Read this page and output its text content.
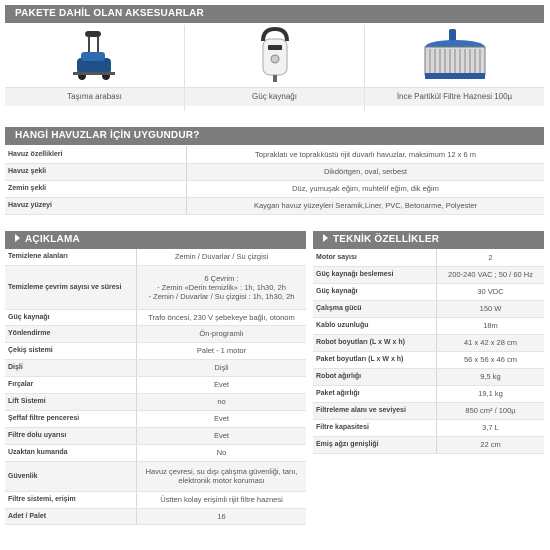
PAKETE DAHİL OLAN AKSESUARLAR
Taşıma arabası	Güç kaynağı	İnce Partikül Filtre Haznesi 100µ
HANGİ HAVUZLAR İÇİN UYGUNDUR?
Havuz özellikleri	Topraklatı ve toprakküstü rijit duvarlı havuzlar, maksimum 12 x 6 m
Havuz şekli	Dikdörtgen, oval, serbest
Zemin şekli	Düz, yumuşak eğim, muhtelif eğim, dik eğim
Havuz yüzeyi	Kaygan havuz yüzeyleri Seramik,Liner, PVC, Betonarme, Polyester
AÇIKLAMA
Temizlene alanları	Zemin / Duvarlar / Su çizgisi

Temizleme çevrim sayısı ve süresi	6 Çevrim :
- Zemin «Derin temizlik» : 1h, 1h30, 2h
- Zemin / Duvarlar / Su çizgisi : 1h, 1h30, 2h

Güç kaynağı	Trafo öncesi, 230 V şebekeye bağlı, otonom

Yönlendirme	Ön-programlı

Çekiş sistemi	Palet - 1 motor

Dişli	Dişli

Fırçalar	Evet

Lift Sistemi	no

Şeffaf filtre penceresi	Evet

Filtre dolu uyarısı	Evet

Uzaktan kumanda	No

Güvenlik	Havuz çevresi, su dışı çalışma güvenliği, tanı,
elektronik motor koruması

Filtre sistemi, erişim	Üstten kolay erişimli rijit filtre haznesi

Adet / Palet	16
TEKNİK ÖZELLİKLER
Motor sayısı	2
Güç kaynağı beslemesi	200-240 VAC ; 50 / 60 Hz
Güç kaynağı	30 VDC
Çalışma gücü	150 W
Kablo uzunluğu	18m
Robot boyutları (L x W x h)	41 x 42 x 28 cm
Paket boyutları (L x W x h)	56 x 56 x 46 cm
Robot ağırlığı	9,5 kg
Paket ağırlığı	19,1 kg
Filtreleme alanı ve seviyesi	850 cm² / 100µ
Filtre kapasitesi	3,7 L
Emiş ağzı genişliği	22 cm
